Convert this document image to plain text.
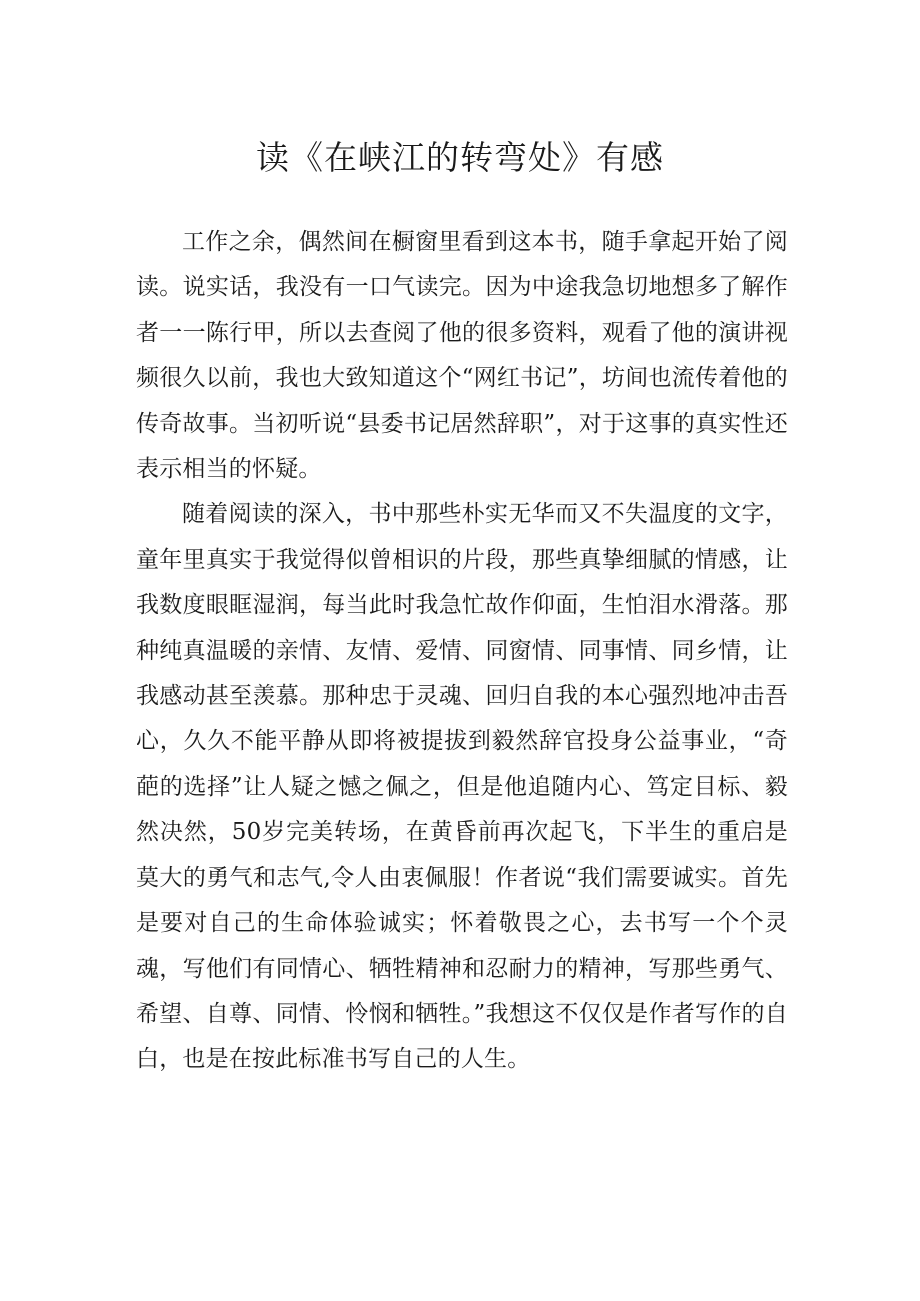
读《在峡江的转弯处》有感

工作之余，偶然间在橱窗里看到这本书，随手拿起开始了阅读。说实话，我没有一口气读完。因为中途我急切地想多了解作者一一陈行甲，所以去查阅了他的很多资料，观看了他的演讲视频很久以前，我也大致知道这个“网红书记”，坊间也流传着他的传奇故事。当初听说“县委书记居然辞职”，对于这事的真实性还表示相当的怀疑。

随着阅读的深入，书中那些朴实无华而又不失温度的文字，童年里真实于我觉得似曾相识的片段，那些真挚细腻的情感，让我数度眼眶湿润，每当此时我急忙故作仰面，生怕泪水滑落。那种纯真温暖的亲情、友情、爱情、同窗情、同事情、同乡情，让我感动甚至羡慕。那种忠于灵魂、回归自我的本心强烈地冲击吾心，久久不能平静从即将被提拔到毅然辞官投身公益事业，“奇葩的选择”让人疑之憾之佩之，但是他追随内心、笃定目标、毅然决然，50岁完美转场，在黄昏前再次起飞，下半生的重启是莫大的勇气和志气,令人由衷佩服！作者说“我们需要诚实。首先是要对自己的生命体验诚实；怀着敬畏之心，去书写一个个灵魂，写他们有同情心、牺牲精神和忍耐力的精神，写那些勇气、希望、自尊、同情、怜悯和牺牲。”我想这不仅仅是作者写作的自白，也是在按此标准书写自己的人生。
